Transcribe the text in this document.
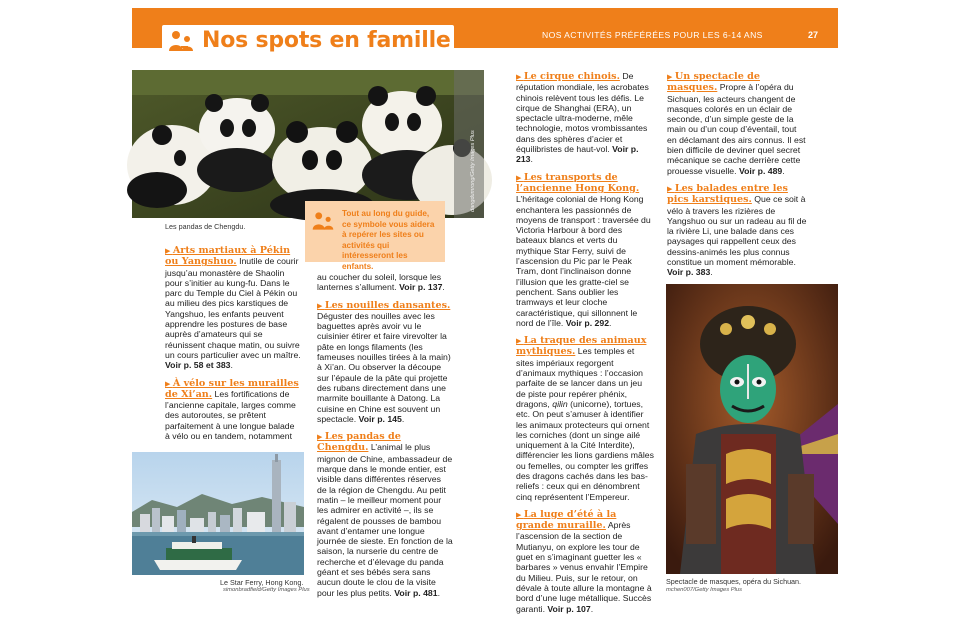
Nos spots en famille	NOS ACTIVITÉS PRÉFÉRÉES POUR LES 6-14 ANS	27
dangdumrong/Getty Images Plus
Les pandas de Chengdu.
Tout au long du guide, ce symbole vous aidera à repérer les sites ou activités qui intéresseront les enfants.

▶ Arts martiaux à Pékin ou Yangshuo. Inutile de courir jusqu’au monastère de Shaolin pour s’initier au kung-fu. Dans le parc du Temple du Ciel à Pékin ou au milieu des pics karstiques de Yangshuo, les enfants peuvent apprendre les postures de base auprès d’amateurs qui se réunissent chaque matin, ou suivre un cours particulier avec un maître. Voir p. 58 et 383.

▶ À vélo sur les murailles de Xi’an. Les fortifications de l’ancienne capitale, larges comme des autoroutes, se prêtent parfaitement à une longue balade à vélo ou en tandem, notamment

Le Star Ferry, Hong Kong.
simonbradfield/Getty Images Plus

au coucher du soleil, lorsque les lanternes s’allument. Voir p. 137.

▶ Les nouilles dansantes. Déguster des nouilles avec les baguettes après avoir vu le cuisinier étirer et faire virevolter la pâte en longs filaments (les fameuses nouilles tirées à la main) à Xi’an. Ou observer la découpe sur l’épaule de la pâte qui projette des rubans directement dans une marmite bouillante à Datong. La cuisine en Chine est souvent un spectacle. Voir p. 145.

▶ Les pandas de Chengdu. L’animal le plus mignon de Chine, ambassadeur de marque dans le monde entier, est visible dans différentes réserves de la région de Chengdu. Au petit matin – le meilleur moment pour les admirer en activité –, ils se régalent de pousses de bambou avant d’entamer une longue journée de sieste. En fonction de la saison, la nurserie du centre de recherche et d’élevage du panda géant et ses bébés sera sans aucun doute le clou de la visite pour les plus petits. Voir p. 481.

▶ Le cirque chinois. De réputation mondiale, les acrobates chinois relèvent tous les défis. Le cirque de Shanghai (ERA), un spectacle ultra-moderne, mêle technologie, motos vrombissantes dans des sphères d’acier et équilibristes de haut-vol. Voir p. 213.

▶ Les transports de l’ancienne Hong Kong. L’héritage colonial de Hong Kong enchantera les passionnés de moyens de transport : traversée du Victoria Harbour à bord des bateaux blancs et verts du mythique Star Ferry, suivi de l’ascension du Pic par le Peak Tram, dont l’inclinaison donne l’illusion que les gratte-ciel se penchent. Sans oublier les tramways et leur cloche caractéristique, qui sillonnent le nord de l’île. Voir p. 292.

▶ La traque des animaux mythiques. Les temples et sites impériaux regorgent d’animaux mythiques : l’occasion parfaite de se lancer dans un jeu de piste pour repérer phénix, dragons, qilin (unicorne), tortues, etc. On peut s’amuser à identifier les animaux protecteurs qui ornent les corniches (dont un singe ailé uniquement à la Cité Interdite), différencier les lions gardiens mâles ou femelles, ou compter les griffes des dragons cachés dans les bas-reliefs : ceux qui en dénombrent cinq représentent l’Empereur.

▶ La luge d’été à la grande muraille. Après l’ascension de la section de Mutianyu, on explore les tour de guet en s’imaginant guetter les « barbares » venus envahir l’Empire du Milieu. Puis, sur le retour, on dévale à toute allure la montagne à bord d’une luge métallique. Succès garanti. Voir p. 107.

▶ Un spectacle de masques. Propre à l’opéra du Sichuan, les acteurs changent de masques colorés en un éclair de seconde, d’un simple geste de la main ou d’un coup d’éventail, tout en déclamant des airs connus. Il est bien difficile de deviner quel secret mécanique se cache derrière cette prouesse visuelle. Voir p. 489.

▶ Les balades entre les pics karstiques. Que ce soit à vélo à travers les rizières de Yangshuo ou sur un radeau au fil de la rivière Li, une balade dans ces paysages qui rappellent ceux des dessins-animés les plus connus constitue un moment mémorable. Voir p. 383.

Spectacle de masques, opéra du Sichuan.
mchen007/Getty Images Plus
